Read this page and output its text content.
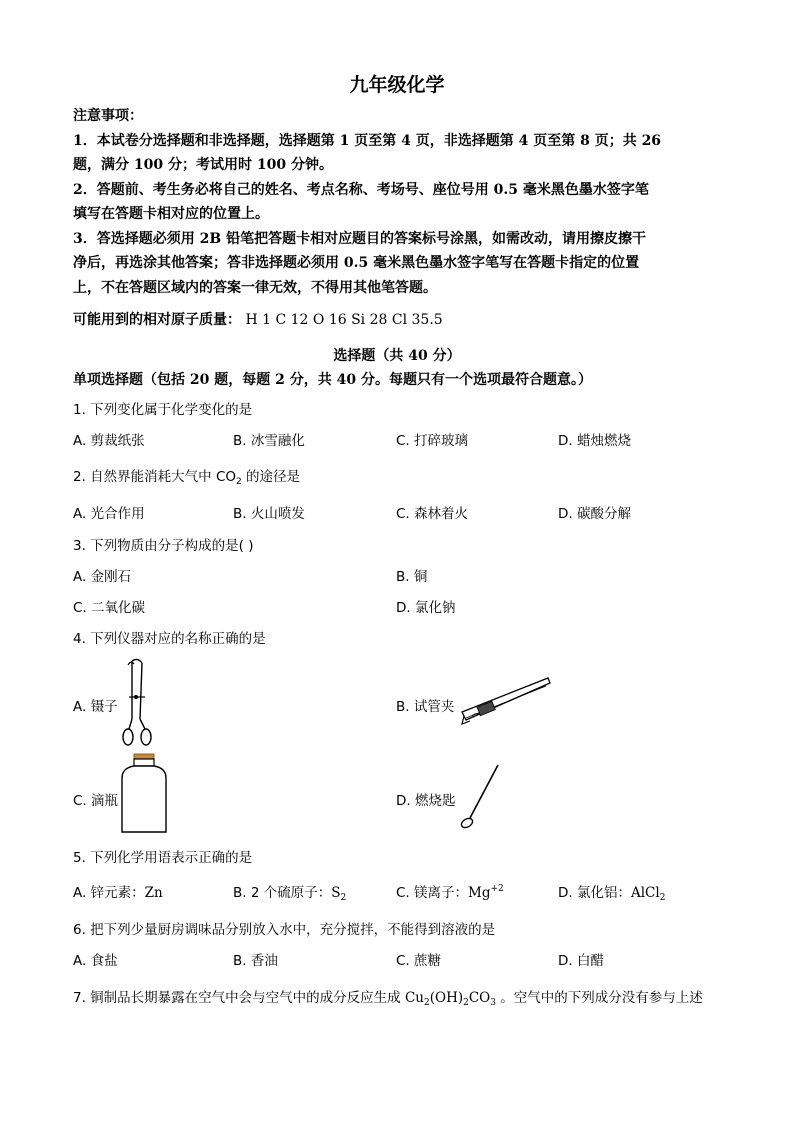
九年级化学
注意事项：
1．本试卷分选择题和非选择题，选择题第 1 页至第 4 页，非选择题第 4 页至第 8 页；共 26
题，满分 100 分；考试用时 100 分钟。
2．答题前、考生务必将自己的姓名、考点名称、考场号、座位号用 0.5 毫米黑色墨水签字笔
填写在答题卡相对应的位置上。
3．答选择题必须用 2B 铅笔把答题卡相对应题目的答案标号涂黑，如需改动，请用擦皮擦干
净后，再选涂其他答案；答非选择题必须用 0.5 毫米黑色墨水签字笔写在答题卡指定的位置
上，不在答题区域内的答案一律无效，不得用其他笔答题。
可能用到的相对原子质量： H 1 C 12 O 16 Si 28 Cl 35.5
选择题（共 40 分）
单项选择题（包括 20 题，每题 2 分，共 40 分。每题只有一个选项最符合题意。）
1. 下列变化属于化学变化的是
A. 剪裁纸张	B. 冰雪融化	C. 打碎玻璃	D. 蜡烛燃烧
2. 自然界能消耗大气中 $CO_2$ 的途径是
A. 光合作用	B. 火山喷发	C. 森林着火	D. 碳酸分解
3. 下列物质由分子构成的是( )
A. 金刚石	B. 铜
C. 二氧化碳	D. 氯化钠
4. 下列仪器对应的名称正确的是
A. 镊子	B. 试管夹
C. 滴瓶	D. 燃烧匙
5. 下列化学用语表示正确的是
A. 锌元素：Zn	B. 2 个硫原子：$S_2$	C. 镁离子：$Mg^{+2}$	D. 氯化铝：AlCl$_2$
6. 把下列少量厨房调味品分别放入水中，充分搅拌，不能得到溶液的是
A. 食盐	B. 香油	C. 蔗糖	D. 白醋
7. 铜制品长期暴露在空气中会与空气中的成分反应生成 $Cu_2(OH)_2CO_3$ 。空气中的下列成分没有参与上述
